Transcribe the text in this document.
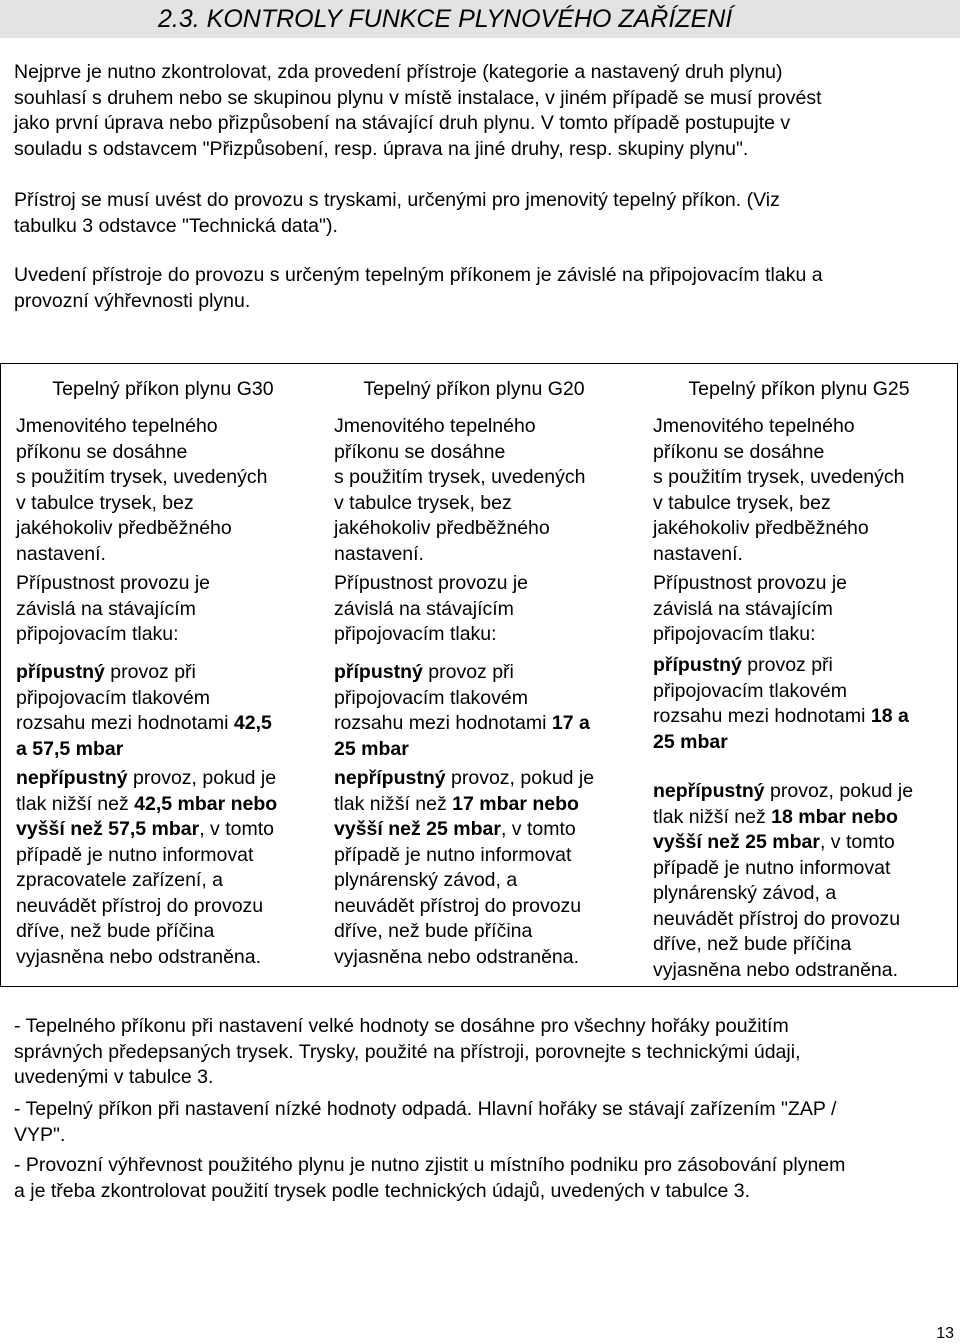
2.3. KONTROLY FUNKCE PLYNOVÉHO ZAŘÍZENÍ
Nejprve je nutno zkontrolovat, zda provedení přístroje (kategorie a nastavený druh plynu)
souhlasí s druhem nebo se skupinou plynu v místě instalace, v jiném případě se musí provést
jako první úprava nebo přizpůsobení na stávající druh plynu. V tomto případě postupujte v
souladu s odstavcem "Přizpůsobení, resp. úprava na jiné druhy, resp. skupiny plynu".
Přístroj se musí uvést do provozu s tryskami, určenými pro jmenovitý tepelný příkon. (Viz
tabulku 3 odstavce "Technická data").
Uvedení přístroje do provozu s určeným tepelným příkonem je závislé na připojovacím tlaku a
provozní výhřevnosti plynu.
Tepelný příkon plynu G30

Jmenovitého tepelného

příkonu se dosáhne

s použitím trysek, uvedených

v tabulce trysek, bez

jakéhokoliv předběžného

nastavení.

Přípustnost provozu je

závislá na stávajícím

připojovacím tlaku:

přípustný provoz při

připojovacím tlakovém

rozsahu mezi hodnotami 42,5

a 57,5 mbar

nepřípustný provoz, pokud je

tlak nižší než 42,5 mbar nebo

vyšší než 57,5 mbar, v tomto

případě je nutno informovat

zpracovatele zařízení, a

neuvádět přístroj do provozu

dříve, než bude příčina

vyjasněna nebo odstraněna.

Tepelný příkon plynu G20

Jmenovitého tepelného

příkonu se dosáhne

s použitím trysek, uvedených

v tabulce trysek, bez

jakéhokoliv předběžného

nastavení.

Přípustnost provozu je

závislá na stávajícím

připojovacím tlaku:

přípustný provoz při

připojovacím tlakovém

rozsahu mezi hodnotami 17 a

25 mbar

nepřípustný provoz, pokud je

tlak nižší než 17 mbar nebo

vyšší než 25 mbar, v tomto

případě je nutno informovat

plynárenský závod, a

neuvádět přístroj do provozu

dříve, než bude příčina

vyjasněna nebo odstraněna.

Tepelný příkon plynu G25

Jmenovitého tepelného

příkonu se dosáhne

s použitím trysek, uvedených

v tabulce trysek, bez

jakéhokoliv předběžného

nastavení.

Přípustnost provozu je

závislá na stávajícím

připojovacím tlaku:

přípustný provoz při

připojovacím tlakovém

rozsahu mezi hodnotami 18 a

25 mbar

nepřípustný provoz, pokud je

tlak nižší než 18 mbar nebo

vyšší než 25 mbar, v tomto

případě je nutno informovat

plynárenský závod, a

neuvádět přístroj do provozu

dříve, než bude příčina

vyjasněna nebo odstraněna.

- Tepelného příkonu při nastavení velké hodnoty se dosáhne pro všechny hořáky použitím
správných předepsaných trysek. Trysky, použité na přístroji, porovnejte s technickými údaji,
uvedenými v tabulce 3.
- Tepelný příkon při nastavení nízké hodnoty odpadá. Hlavní hořáky se stávají zařízením "ZAP /
VYP".
- Provozní výhřevnost použitého plynu je nutno zjistit u místního podniku pro zásobování plynem
a je třeba zkontrolovat použití trysek podle technických údajů, uvedených v tabulce 3.
13
